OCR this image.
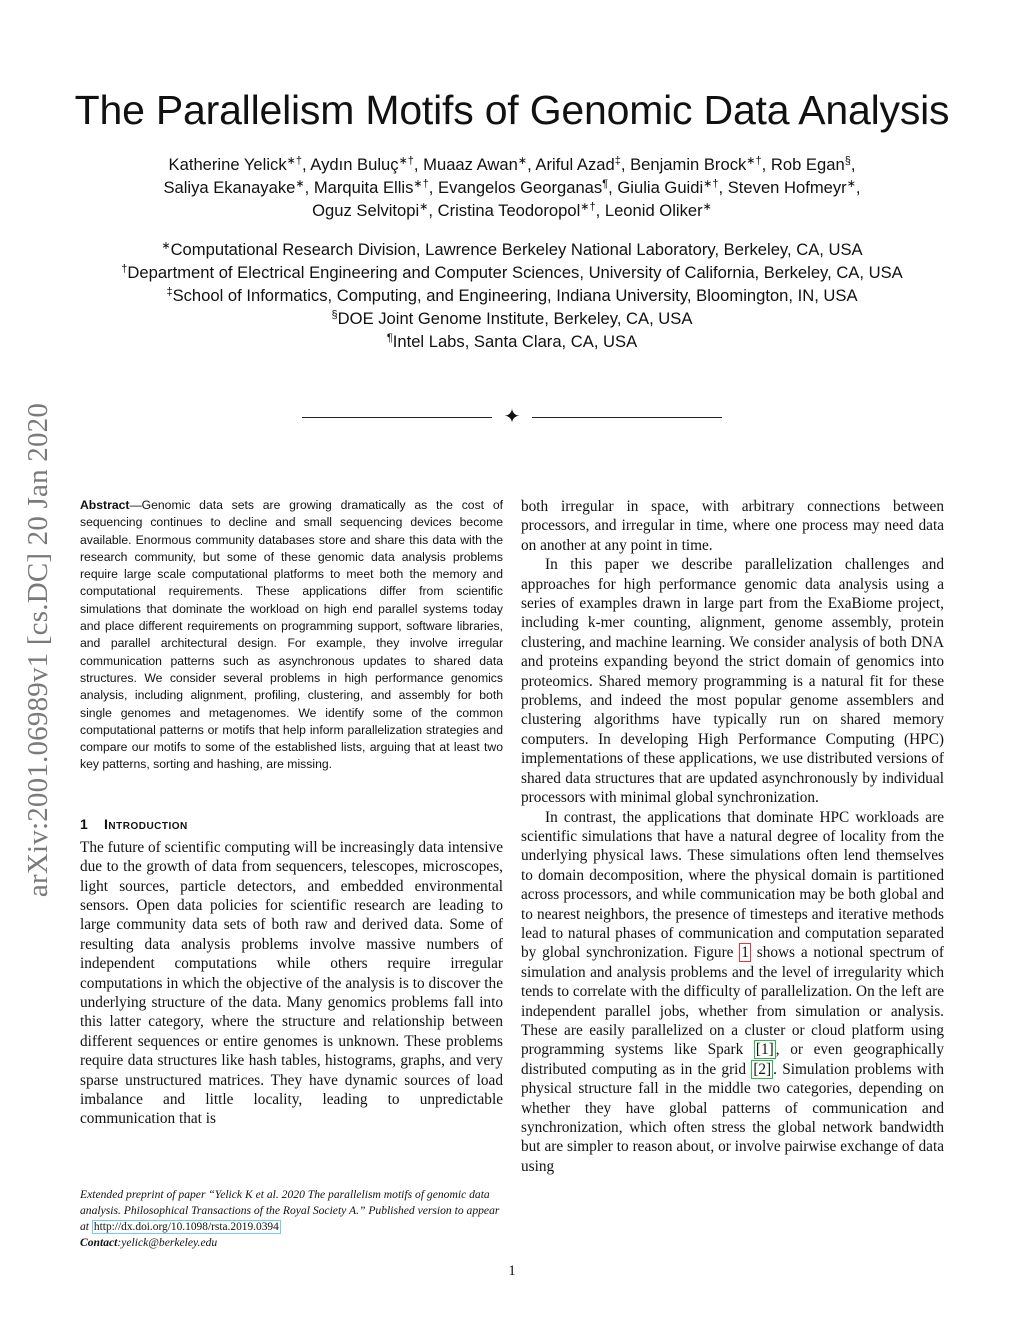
The Parallelism Motifs of Genomic Data Analysis
Katherine Yelick∗†, Aydın Buluç∗†, Muaaz Awan∗, Ariful Azad‡, Benjamin Brock∗†, Rob Egan§,
Saliya Ekanayake∗, Marquita Ellis∗†, Evangelos Georganas¶, Giulia Guidi∗†, Steven Hofmeyr∗,
Oguz Selvitopi∗, Cristina Teodoropol∗†, Leonid Oliker∗
∗Computational Research Division, Lawrence Berkeley National Laboratory, Berkeley, CA, USA
†Department of Electrical Engineering and Computer Sciences, University of California, Berkeley, CA, USA
‡School of Informatics, Computing, and Engineering, Indiana University, Bloomington, IN, USA
§DOE Joint Genome Institute, Berkeley, CA, USA
¶Intel Labs, Santa Clara, CA, USA
✦
arXiv:2001.06989v1 [cs.DC] 20 Jan 2020 Abstract—Genomic data sets are growing dramatically as the cost of sequencing continues to decline and small sequencing devices become available. Enormous community databases store and share this data with the research community, but some of these genomic data analysis problems require large scale computational platforms to meet both the memory and computational requirements. These applications differ from scientific simulations that dominate the workload on high end parallel systems today and place different requirements on programming support, software libraries, and parallel architectural design. For example, they involve irregular communication patterns such as asynchronous updates to shared data structures. We consider several problems in high performance genomics analysis, including alignment, profiling, clustering, and assembly for both single genomes and metagenomes. We identify some of the common computational patterns or motifs that help inform parallelization strategies and compare our motifs to some of the established lists, arguing that at least two key patterns, sorting and hashing, are missing.

1 Introduction

The future of scientific computing will be increasingly data intensive due to the growth of data from sequencers, telescopes, microscopes, light sources, particle detectors, and embedded environmental sensors. Open data policies for scientific research are leading to large community data sets of both raw and derived data. Some of resulting data analysis problems involve massive numbers of independent computations while others require irregular computations in which the objective of the analysis is to discover the underlying structure of the data. Many genomics problems fall into this latter category, where the structure and relationship between different sequences or entire genomes is unknown. These problems require data structures like hash tables, histograms, graphs, and very sparse unstructured matrices. They have dynamic sources of load imbalance and little locality, leading to unpredictable communication that is

Extended preprint of paper “Yelick K et al. 2020 The parallelism motifs of genomic data analysis. Philosophical Transactions of the Royal Society A.” Published version to appear at http://dx.doi.org/10.1098/rsta.2019.0394
Contact:yelick@berkeley.edu

both irregular in space, with arbitrary connections between processors, and irregular in time, where one process may need data on another at any point in time.

In this paper we describe parallelization challenges and approaches for high performance genomic data analysis using a series of examples drawn in large part from the ExaBiome project, including k-mer counting, alignment, genome assembly, protein clustering, and machine learning. We consider analysis of both DNA and proteins expanding beyond the strict domain of genomics into proteomics. Shared memory programming is a natural fit for these problems, and indeed the most popular genome assemblers and clustering algorithms have typically run on shared memory computers. In developing High Performance Computing (HPC) implementations of these applications, we use distributed versions of shared data structures that are updated asynchronously by individual processors with minimal global synchronization.

In contrast, the applications that dominate HPC workloads are scientific simulations that have a natural degree of locality from the underlying physical laws. These simulations often lend themselves to domain decomposition, where the physical domain is partitioned across processors, and while communication may be both global and to nearest neighbors, the presence of timesteps and iterative methods lead to natural phases of communication and computation separated by global synchronization. Figure 1 shows a notional spectrum of simulation and analysis problems and the level of irregularity which tends to correlate with the difficulty of parallelization. On the left are independent parallel jobs, whether from simulation or analysis. These are easily parallelized on a cluster or cloud platform using programming systems like Spark [1] , or even geographically distributed computing as in the grid [2] . Simulation problems with physical structure fall in the middle two categories, depending on whether they have global patterns of communication and synchronization, which often stress the global network bandwidth but are simpler to reason about, or involve pairwise exchange of data using

1
